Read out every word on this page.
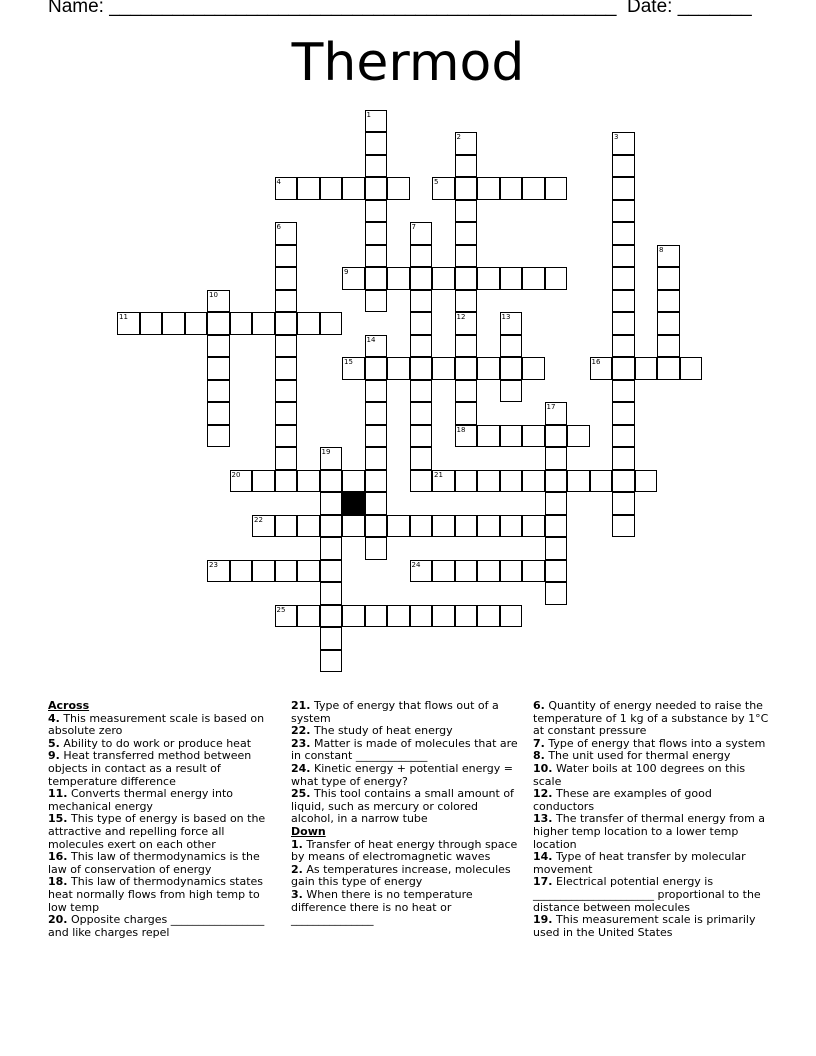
Name: ________________________________________________ Date: _______
Thermod
1
2	3
4	5
6	7
8
9
10
11	12	13
14
15	16
17
18
19
20	21
22
23	24
25
Across
4. This measurement scale is based on absolute zero
5. Ability to do work or produce heat
9. Heat transferred method between objects in contact as a result of temperature difference
11. Converts thermal energy into mechanical energy
15. This type of energy is based on the attractive and repelling force all molecules exert on each other
16. This law of thermodynamics is the law of conservation of energy
18. This law of thermodynamics states heat normally flows from high temp to low temp
20. Opposite charges _________________ and like charges repel
21. Type of energy that flows out of a system
22. The study of heat energy
23. Matter is made of molecules that are in constant _____________
24. Kinetic energy + potential energy = what type of energy?
25. This tool contains a small amount of liquid, such as mercury or colored alcohol, in a narrow tube
Down
1. Transfer of heat energy through space by means of electromagnetic waves
2. As temperatures increase, molecules gain this type of energy
3. When there is no temperature difference there is no heat or _______________
6. Quantity of energy needed to raise the temperature of 1 kg of a substance by 1°C at constant pressure
7. Type of energy that flows into a system
8. The unit used for thermal energy
10. Water boils at 100 degrees on this scale
12. These are examples of good conductors
13. The transfer of thermal energy from a higher temp location to a lower temp location
14. Type of heat transfer by molecular movement
17. Electrical potential energy is ______________________ proportional to the distance between molecules
19. This measurement scale is primarily used in the United States
